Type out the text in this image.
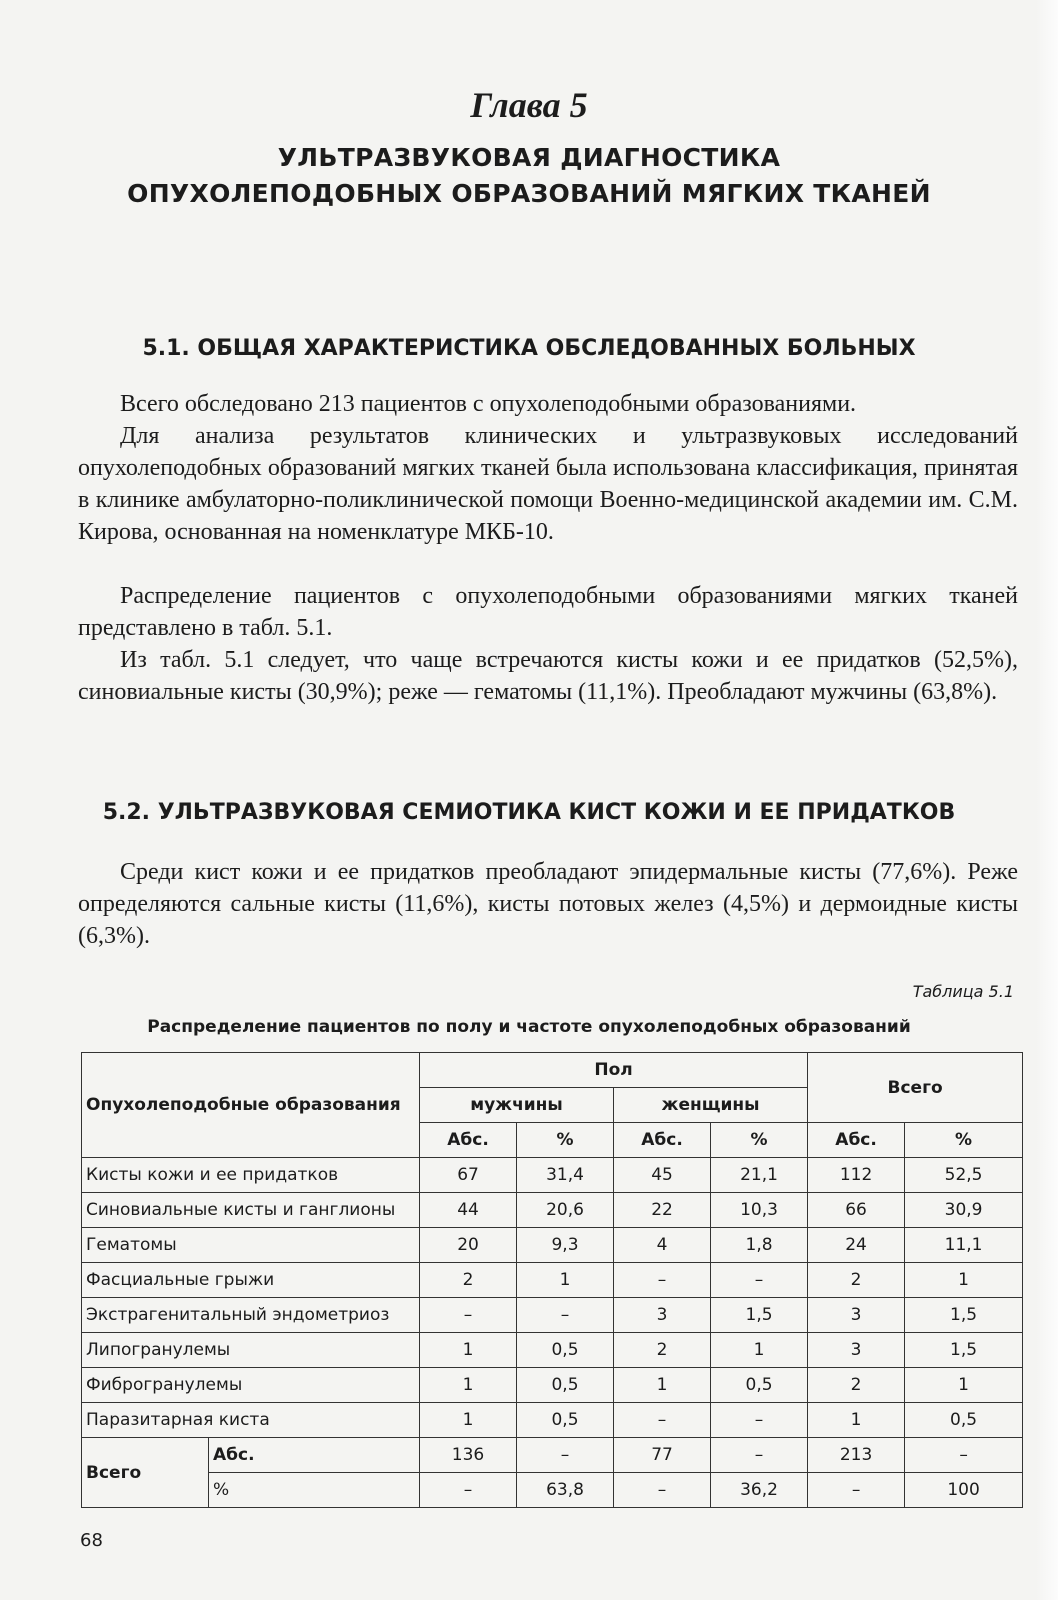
Глава 5
УЛЬТРАЗВУКОВАЯ ДИАГНОСТИКА
ОПУХОЛЕПОДОБНЫХ ОБРАЗОВАНИЙ МЯГКИХ ТКАНЕЙ
5.1. ОБЩАЯ ХАРАКТЕРИСТИКА ОБСЛЕДОВАННЫХ БОЛЬНЫХ

Всего обследовано 213 пациентов с опухолеподобными образованиями.

Для анализа результатов клинических и ультразвуковых исследований опухолеподобных образований мягких тканей была использована классификация, принятая в клинике амбулаторно-поликлинической помощи Военно-медицинской академии им. С.М. Кирова, основанная на номенклатуре МКБ-10.

Распределение пациентов с опухолеподобными образованиями мягких тканей представлено в табл. 5.1.

Из табл. 5.1 следует, что чаще встречаются кисты кожи и ее придатков (52,5%), синовиальные кисты (30,9%); реже — гематомы (11,1%). Преобладают мужчины (63,8%).

5.2. УЛЬТРАЗВУКОВАЯ СЕМИОТИКА КИСТ КОЖИ И ЕЕ ПРИДАТКОВ

Среди кист кожи и ее придатков преобладают эпидермальные кисты (77,6%). Реже определяются сальные кисты (11,6%), кисты потовых желез (4,5%) и дермоидные кисты (6,3%).

Таблица 5.1
Распределение пациентов по полу и частоте опухолеподобных образований
Опухолеподобные образования		Пол				Всего	
		мужчины		женщины			
		Абс.	%	Абс.	%	Абс.	%
Кисты кожи и ее придатков		67	31,4	45	21,1	112	52,5
Синовиальные кисты и ганглионы		44	20,6	22	10,3	66	30,9
Гематомы		20	9,3	4	1,8	24	11,1
Фасциальные грыжи		2	1	–	–	2	1
Экстрагенитальный эндометриоз		–	–	3	1,5	3	1,5
Липогранулемы		1	0,5	2	1	3	1,5
Фиброгранулемы		1	0,5	1	0,5	2	1
Паразитарная киста		1	0,5	–	–	1	0,5
Всего	Абс.	136	–	77	–	213	–
	%	–	63,8	–	36,2	–	100
68
